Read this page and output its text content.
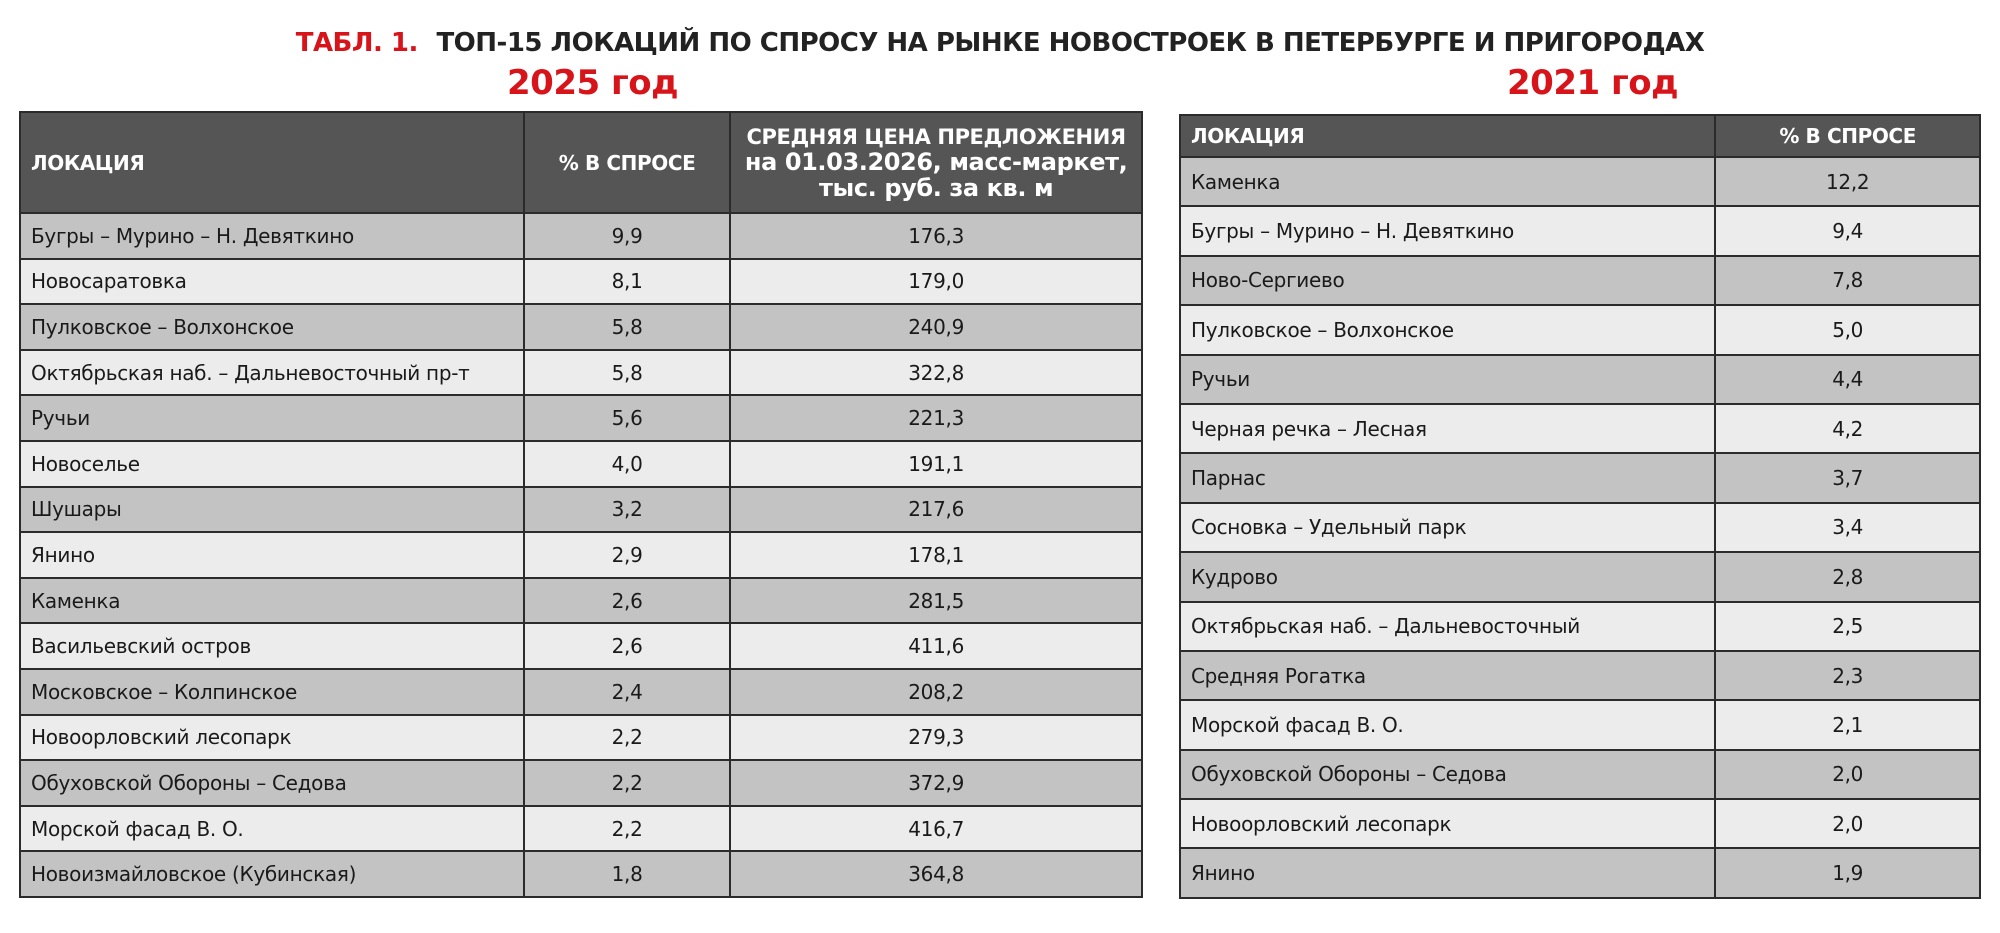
ТАБЛ. 1. ТОП-15 ЛОКАЦИЙ ПО СПРОСУ НА РЫНКЕ НОВОСТРОЕК В ПЕТЕРБУРГЕ И ПРИГОРОДАХ
2025 год	2021 год
ЛОКАЦИЯ	% В СПРОСЕ	СРЕДНЯЯ ЦЕНА ПРЕДЛОЖЕНИЯ
на 01.03.2026, масс-маркет,
тыс. руб. за кв. м

Бугры – Мурино – Н. Девяткино	9,9	176,3
Новосаратовка	8,1	179,0
Пулковское – Волхонское	5,8	240,9
Октябрьская наб. – Дальневосточный пр-т	5,8	322,8
Ручьи	5,6	221,3
Новоселье	4,0	191,1
Шушары	3,2	217,6
Янино	2,9	178,1
Каменка	2,6	281,5
Васильевский остров	2,6	411,6
Московское – Колпинское	2,4	208,2
Новоорловский лесопарк	2,2	279,3
Обуховской Обороны – Седова	2,2	372,9
Морской фасад В. О.	2,2	416,7
Новоизмайловское (Кубинская)	1,8	364,8
ЛОКАЦИЯ	% В СПРОСЕ
Каменка	12,2
Бугры – Мурино – Н. Девяткино	9,4
Ново-Сергиево	7,8
Пулковское – Волхонское	5,0
Ручьи	4,4
Черная речка – Лесная	4,2
Парнас	3,7
Сосновка – Удельный парк	3,4
Кудрово	2,8
Октябрьская наб. – Дальневосточный	2,5
Средняя Рогатка	2,3
Морской фасад В. О.	2,1
Обуховской Обороны – Седова	2,0
Новоорловский лесопарк	2,0
Янино	1,9
